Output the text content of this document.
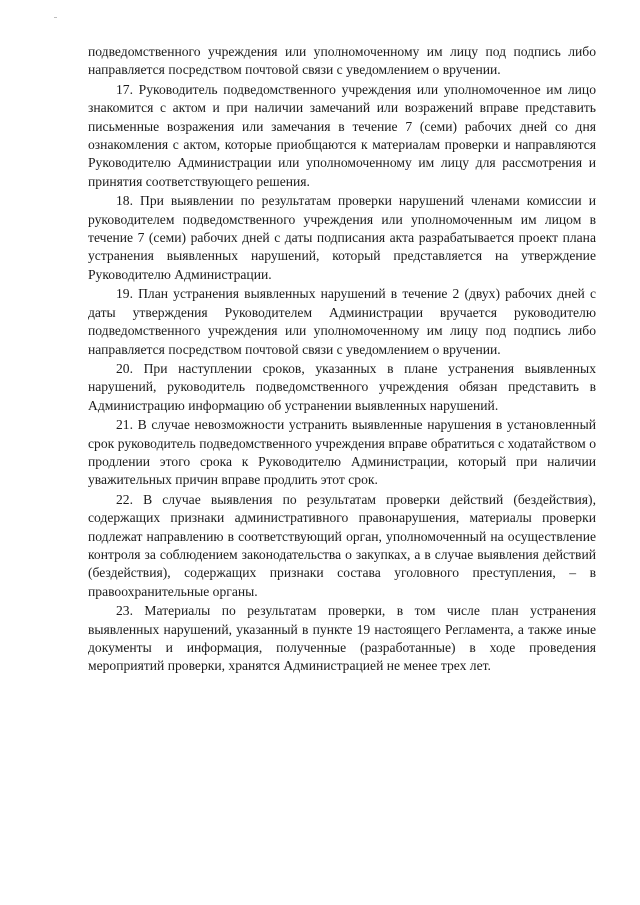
подведомственного учреждения или уполномоченному им лицу под подпись либо направляется посредством почтовой связи с уведомлением о вручении.

17. Руководитель подведомственного учреждения или уполномоченное им лицо знакомится с актом и при наличии замечаний или возражений вправе представить письменные возражения или замечания в течение 7 (семи) рабочих дней со дня ознакомления с актом, которые приобщаются к материалам проверки и направляются Руководителю Администрации или уполномоченному им лицу для рассмотрения и принятия соответствующего решения.

18. При выявлении по результатам проверки нарушений членами комиссии и руководителем подведомственного учреждения или уполномоченным им лицом в течение 7 (семи) рабочих дней с даты подписания акта разрабатывается проект плана устранения выявленных нарушений, который представляется на утверждение Руководителю Администрации.

19. План устранения выявленных нарушений в течение 2 (двух) рабочих дней с даты утверждения Руководителем Администрации вручается руководителю подведомственного учреждения или уполномоченному им лицу под подпись либо направляется посредством почтовой связи с уведомлением о вручении.

20. При наступлении сроков, указанных в плане устранения выявленных нарушений, руководитель подведомственного учреждения обязан представить в Администрацию информацию об устранении выявленных нарушений.

21. В случае невозможности устранить выявленные нарушения в установленный срок руководитель подведомственного учреждения вправе обратиться с ходатайством о продлении этого срока к Руководителю Администрации, который при наличии уважительных причин вправе продлить этот срок.

22. В случае выявления по результатам проверки действий (бездействия), содержащих признаки административного правонарушения, материалы проверки подлежат направлению в соответствующий орган, уполномоченный на осуществление контроля за соблюдением законодательства о закупках, а в случае выявления действий (бездействия), содержащих признаки состава уголовного преступления, – в правоохранительные органы.

23. Материалы по результатам проверки, в том числе план устранения выявленных нарушений, указанный в пункте 19 настоящего Регламента, а также иные документы и информация, полученные (разработанные) в ходе проведения мероприятий проверки, хранятся Администрацией не менее трех лет.
